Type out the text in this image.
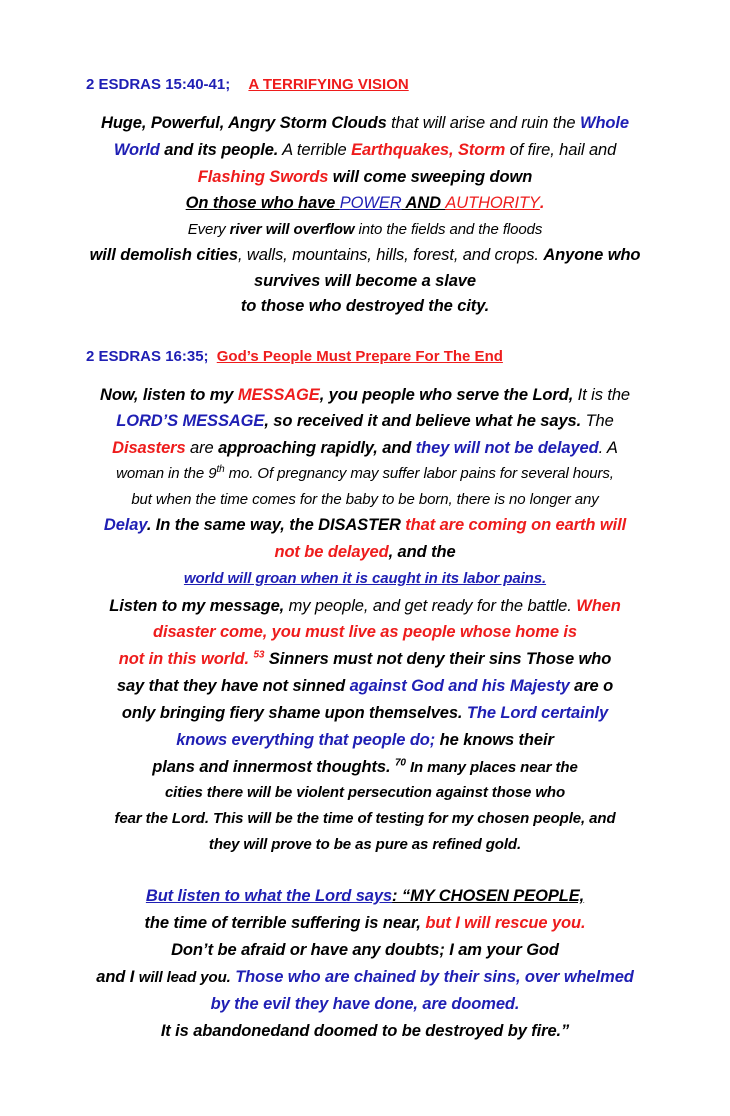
2 ESDRAS 15:40-41; A TERRIFYING VISION
Huge, Powerful, Angry Storm Clouds that will arise and ruin the Whole
World and its people. A terrible Earthquakes, Storm of fire, hail and
Flashing Swords will come sweeping down
On those who have POWER AND AUTHORITY.
Every river will overflow into the fields and the floods
will demolish cities, walls, mountains, hills, forest, and crops. Anyone who
survives will become a slave
to those who destroyed the city.
2 ESDRAS 16:35; God’s People Must Prepare For The End
Now, listen to my MESSAGE, you people who serve the Lord, It is the
LORD’S MESSAGE, so received it and believe what he says. The
Disasters are approaching rapidly, and they will not be delayed. A
woman in the 9th mo. Of pregnancy may suffer labor pains for several hours,
but when the time comes for the baby to be born, there is no longer any
Delay. In the same way, the DISASTER that are coming on earth will
not be delayed, and the
world will groan when it is caught in its labor pains.
Listen to my message, my people, and get ready for the battle. When
disaster come, you must live as people whose home is
not in this world. $^{53}$ Sinners must not deny their sins Those who
say that they have not sinned against God and his Majesty are o
only bringing fiery shame upon themselves. The Lord certainly
knows everything that people do; he knows their
plans and innermost thoughts. $^{70}$ In many places near the
cities there will be violent persecution against those who
fear the Lord. This will be the time of testing for my chosen people, and
they will prove to be as pure as refined gold.
But listen to what the Lord says: “MY CHOSEN PEOPLE,
the time of terrible suffering is near, but I will rescue you.
Don’t be afraid or have any doubts; I am your God
and I will lead you. Those who are chained by their sins, over whelmed
by the evil they have done, are doomed.
It is abandonedand doomed to be destroyed by fire.”
